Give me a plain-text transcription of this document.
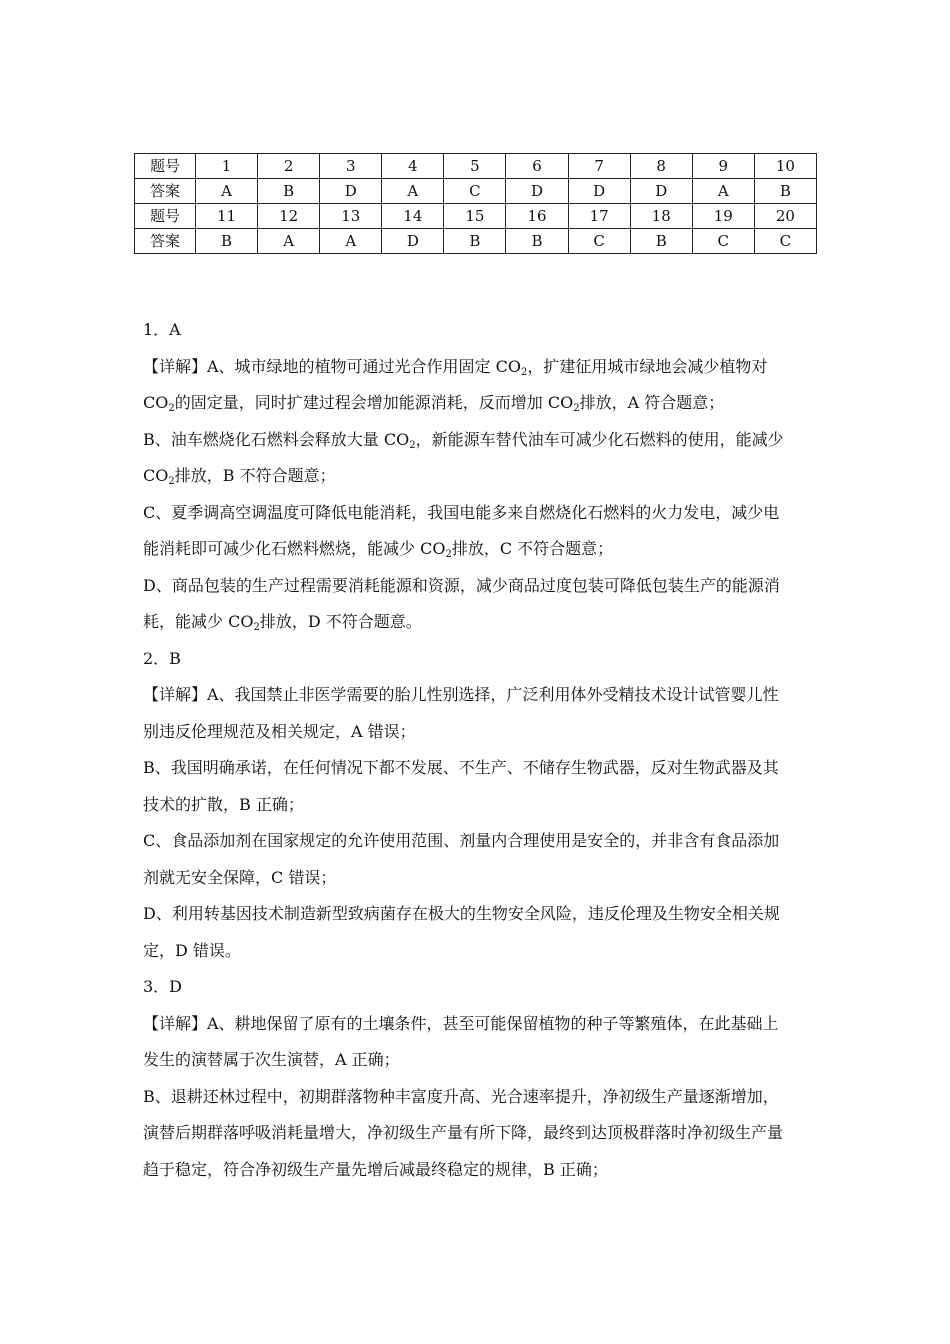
题号	1	2	3	4	5	6	7	8	9	10
答案	A	B	D	A	C	D	D	D	A	B
题号	11	12	13	14	15	16	17	18	19	20
答案	B	A	A	D	B	B	C	B	C	C

1．A

【详解】A、城市绿地的植物可通过光合作用固定 $CO_2$，扩建征用城市绿地会减少植物对

$CO_2$的固定量，同时扩建过程会增加能源消耗，反而增加 $CO_2$排放，A 符合题意；

B、油车燃烧化石燃料会释放大量 $CO_2$，新能源车替代油车可减少化石燃料的使用，能减少

$CO_2$排放，B 不符合题意；

C、夏季调高空调温度可降低电能消耗，我国电能多来自燃烧化石燃料的火力发电，减少电

能消耗即可减少化石燃料燃烧，能减少 $CO_2$排放，C 不符合题意；

D、商品包装的生产过程需要消耗能源和资源，减少商品过度包装可降低包装生产的能源消

耗，能减少 $CO_2$排放，D 不符合题意。

2．B

【详解】A、我国禁止非医学需要的胎儿性别选择，广泛利用体外受精技术设计试管婴儿性

别违反伦理规范及相关规定，A 错误；

B、我国明确承诺，在任何情况下都不发展、不生产、不储存生物武器，反对生物武器及其

技术的扩散，B 正确；

C、食品添加剂在国家规定的允许使用范围、剂量内合理使用是安全的，并非含有食品添加

剂就无安全保障，C 错误；

D、利用转基因技术制造新型致病菌存在极大的生物安全风险，违反伦理及生物安全相关规

定，D 错误。

3．D

【详解】A、耕地保留了原有的土壤条件，甚至可能保留植物的种子等繁殖体，在此基础上

发生的演替属于次生演替，A 正确；

B、退耕还林过程中，初期群落物种丰富度升高、光合速率提升，净初级生产量逐渐增加，

演替后期群落呼吸消耗量增大，净初级生产量有所下降，最终到达顶极群落时净初级生产量

趋于稳定，符合净初级生产量先增后减最终稳定的规律，B 正确；
